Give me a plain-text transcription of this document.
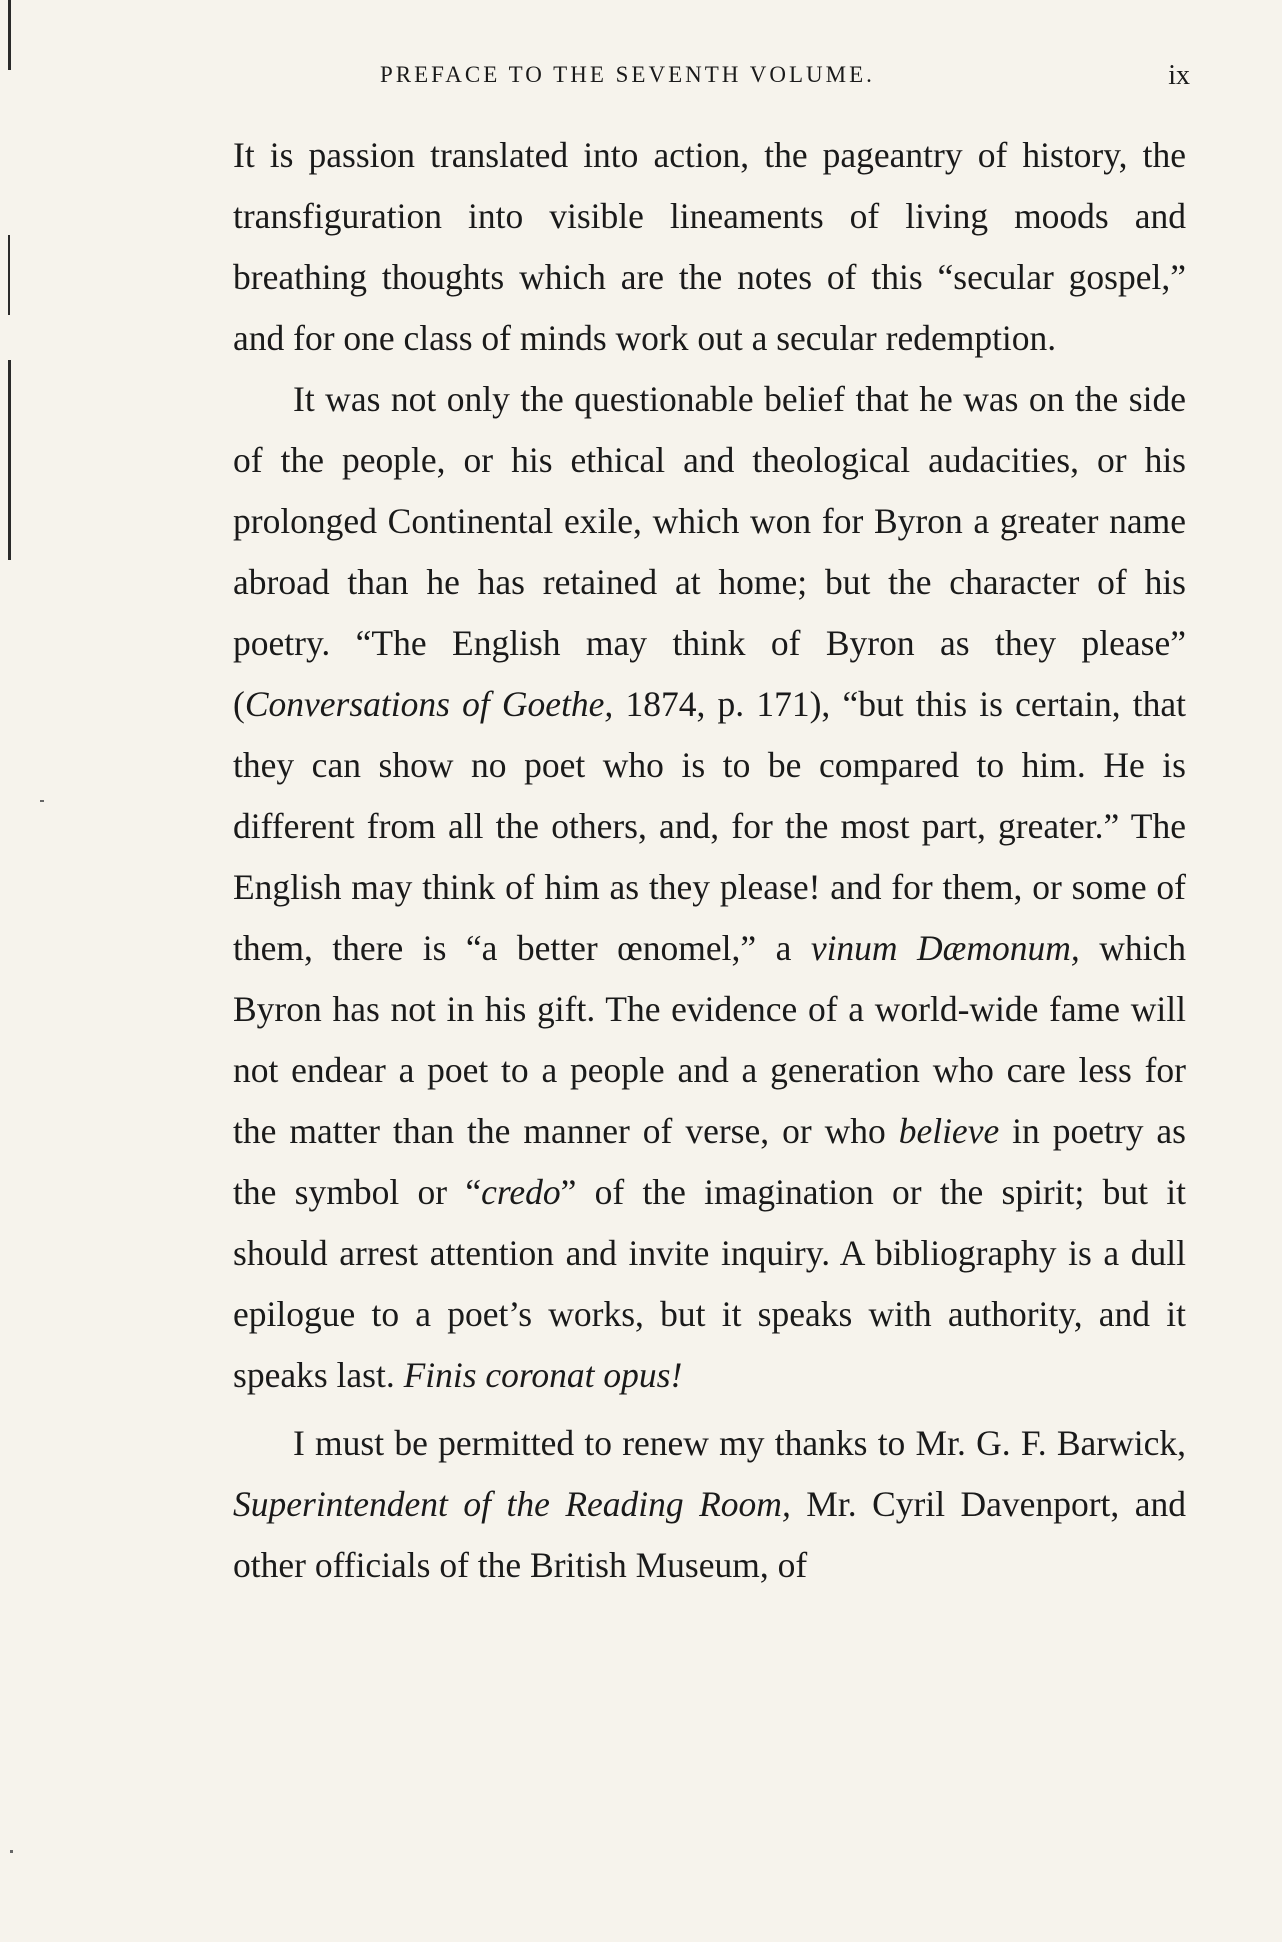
PREFACE TO THE SEVENTH VOLUME.	ix

It is passion translated into action, the pageantry of history, the transfiguration into visible lineaments of living moods and breathing thoughts which are the notes of this “secular gospel,” and for one class of minds work out a secular redemption.

It was not only the questionable belief that he was on the side of the people, or his ethical and theological audacities, or his prolonged Continental exile, which won for Byron a greater name abroad than he has retained at home; but the character of his poetry. “The English may think of Byron as they please” (Conversations of Goethe, 1874, p. 171), “but this is certain, that they can show no poet who is to be compared to him. He is different from all the others, and, for the most part, greater.” The English may think of him as they please! and for them, or some of them, there is “a better œnomel,” a vinum Dæmonum, which Byron has not in his gift. The evidence of a world-wide fame will not endear a poet to a people and a generation who care less for the matter than the manner of verse, or who believe in poetry as the symbol or “credo” of the imagination or the spirit; but it should arrest attention and invite inquiry. A bibliography is a dull epilogue to a poet’s works, but it speaks with authority, and it speaks last. Finis coronat opus!

I must be permitted to renew my thanks to Mr. G. F. Barwick, Superintendent of the Reading Room, Mr. Cyril Davenport, and other officials of the British Museum, of
